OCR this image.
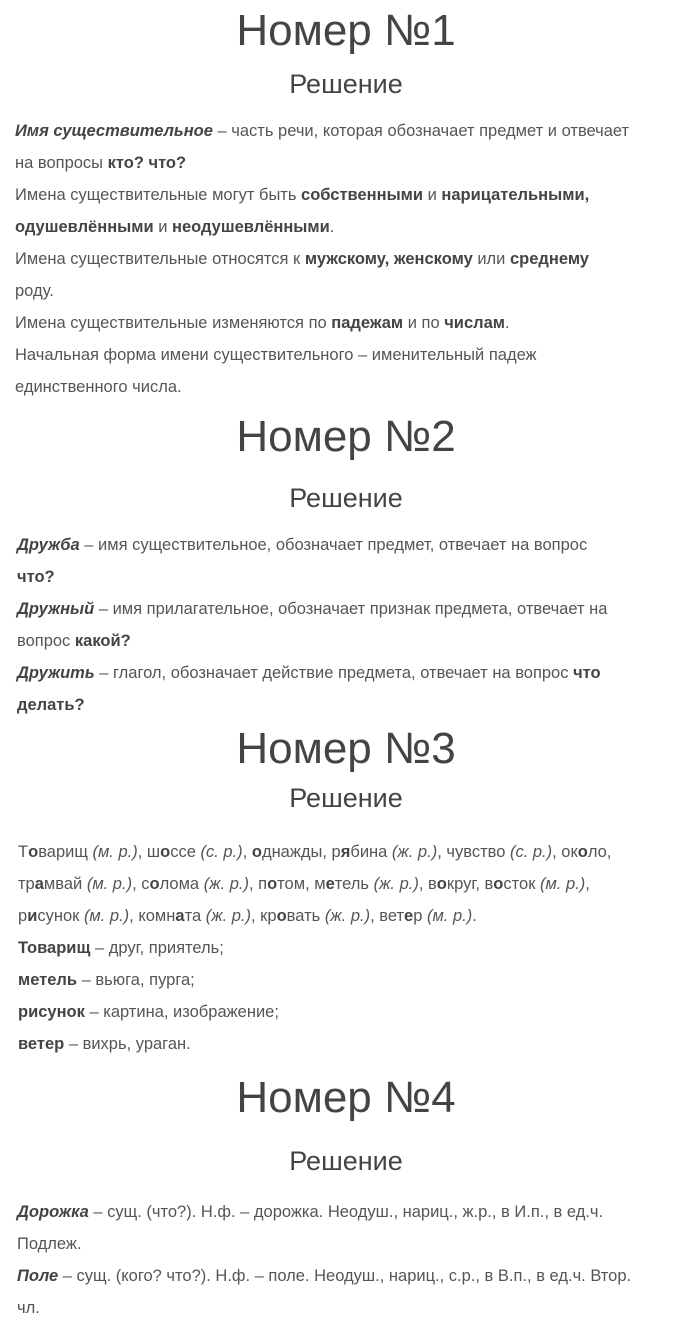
Номер №1
Решение

Имя существительное – часть речи, которая обозначает предмет и отвечает
на вопросы кто? что?

Имена существительные могут быть собственными и нарицательными,
одушевлёнными и неодушевлёнными.

Имена существительные относятся к мужскому, женскому или среднему
роду.

Имена существительные изменяются по падежам и по числам.

Начальная форма имени существительного – именительный падеж
единственного числа.

Номер №2
Решение

Дружба – имя существительное, обозначает предмет, отвечает на вопрос
что?

Дружный – имя прилагательное, обозначает признак предмета, отвечает на
вопрос какой?

Дружить – глагол, обозначает действие предмета, отвечает на вопрос что
делать?

Номер №3
Решение

Товарищ (м. р.), шоссе (с. р.), однажды, рябина (ж. р.), чувство (с. р.), около,
трамвай (м. р.), солома (ж. р.), потом, метель (ж. р.), вокруг, восток (м. р.),
рисунок (м. р.), комната (ж. р.), кровать (ж. р.), ветер (м. р.).

Товарищ – друг, приятель;

метель – вьюга, пурга;

рисунок – картина, изображение;

ветер – вихрь, ураган.

Номер №4
Решение

Дорожка – сущ. (что?). Н.ф. – дорожка. Неодуш., нариц., ж.р., в И.п., в ед.ч.
Подлеж.

Поле – сущ. (кого? что?). Н.ф. – поле. Неодуш., нариц., с.р., в В.п., в ед.ч. Втор.
чл.
